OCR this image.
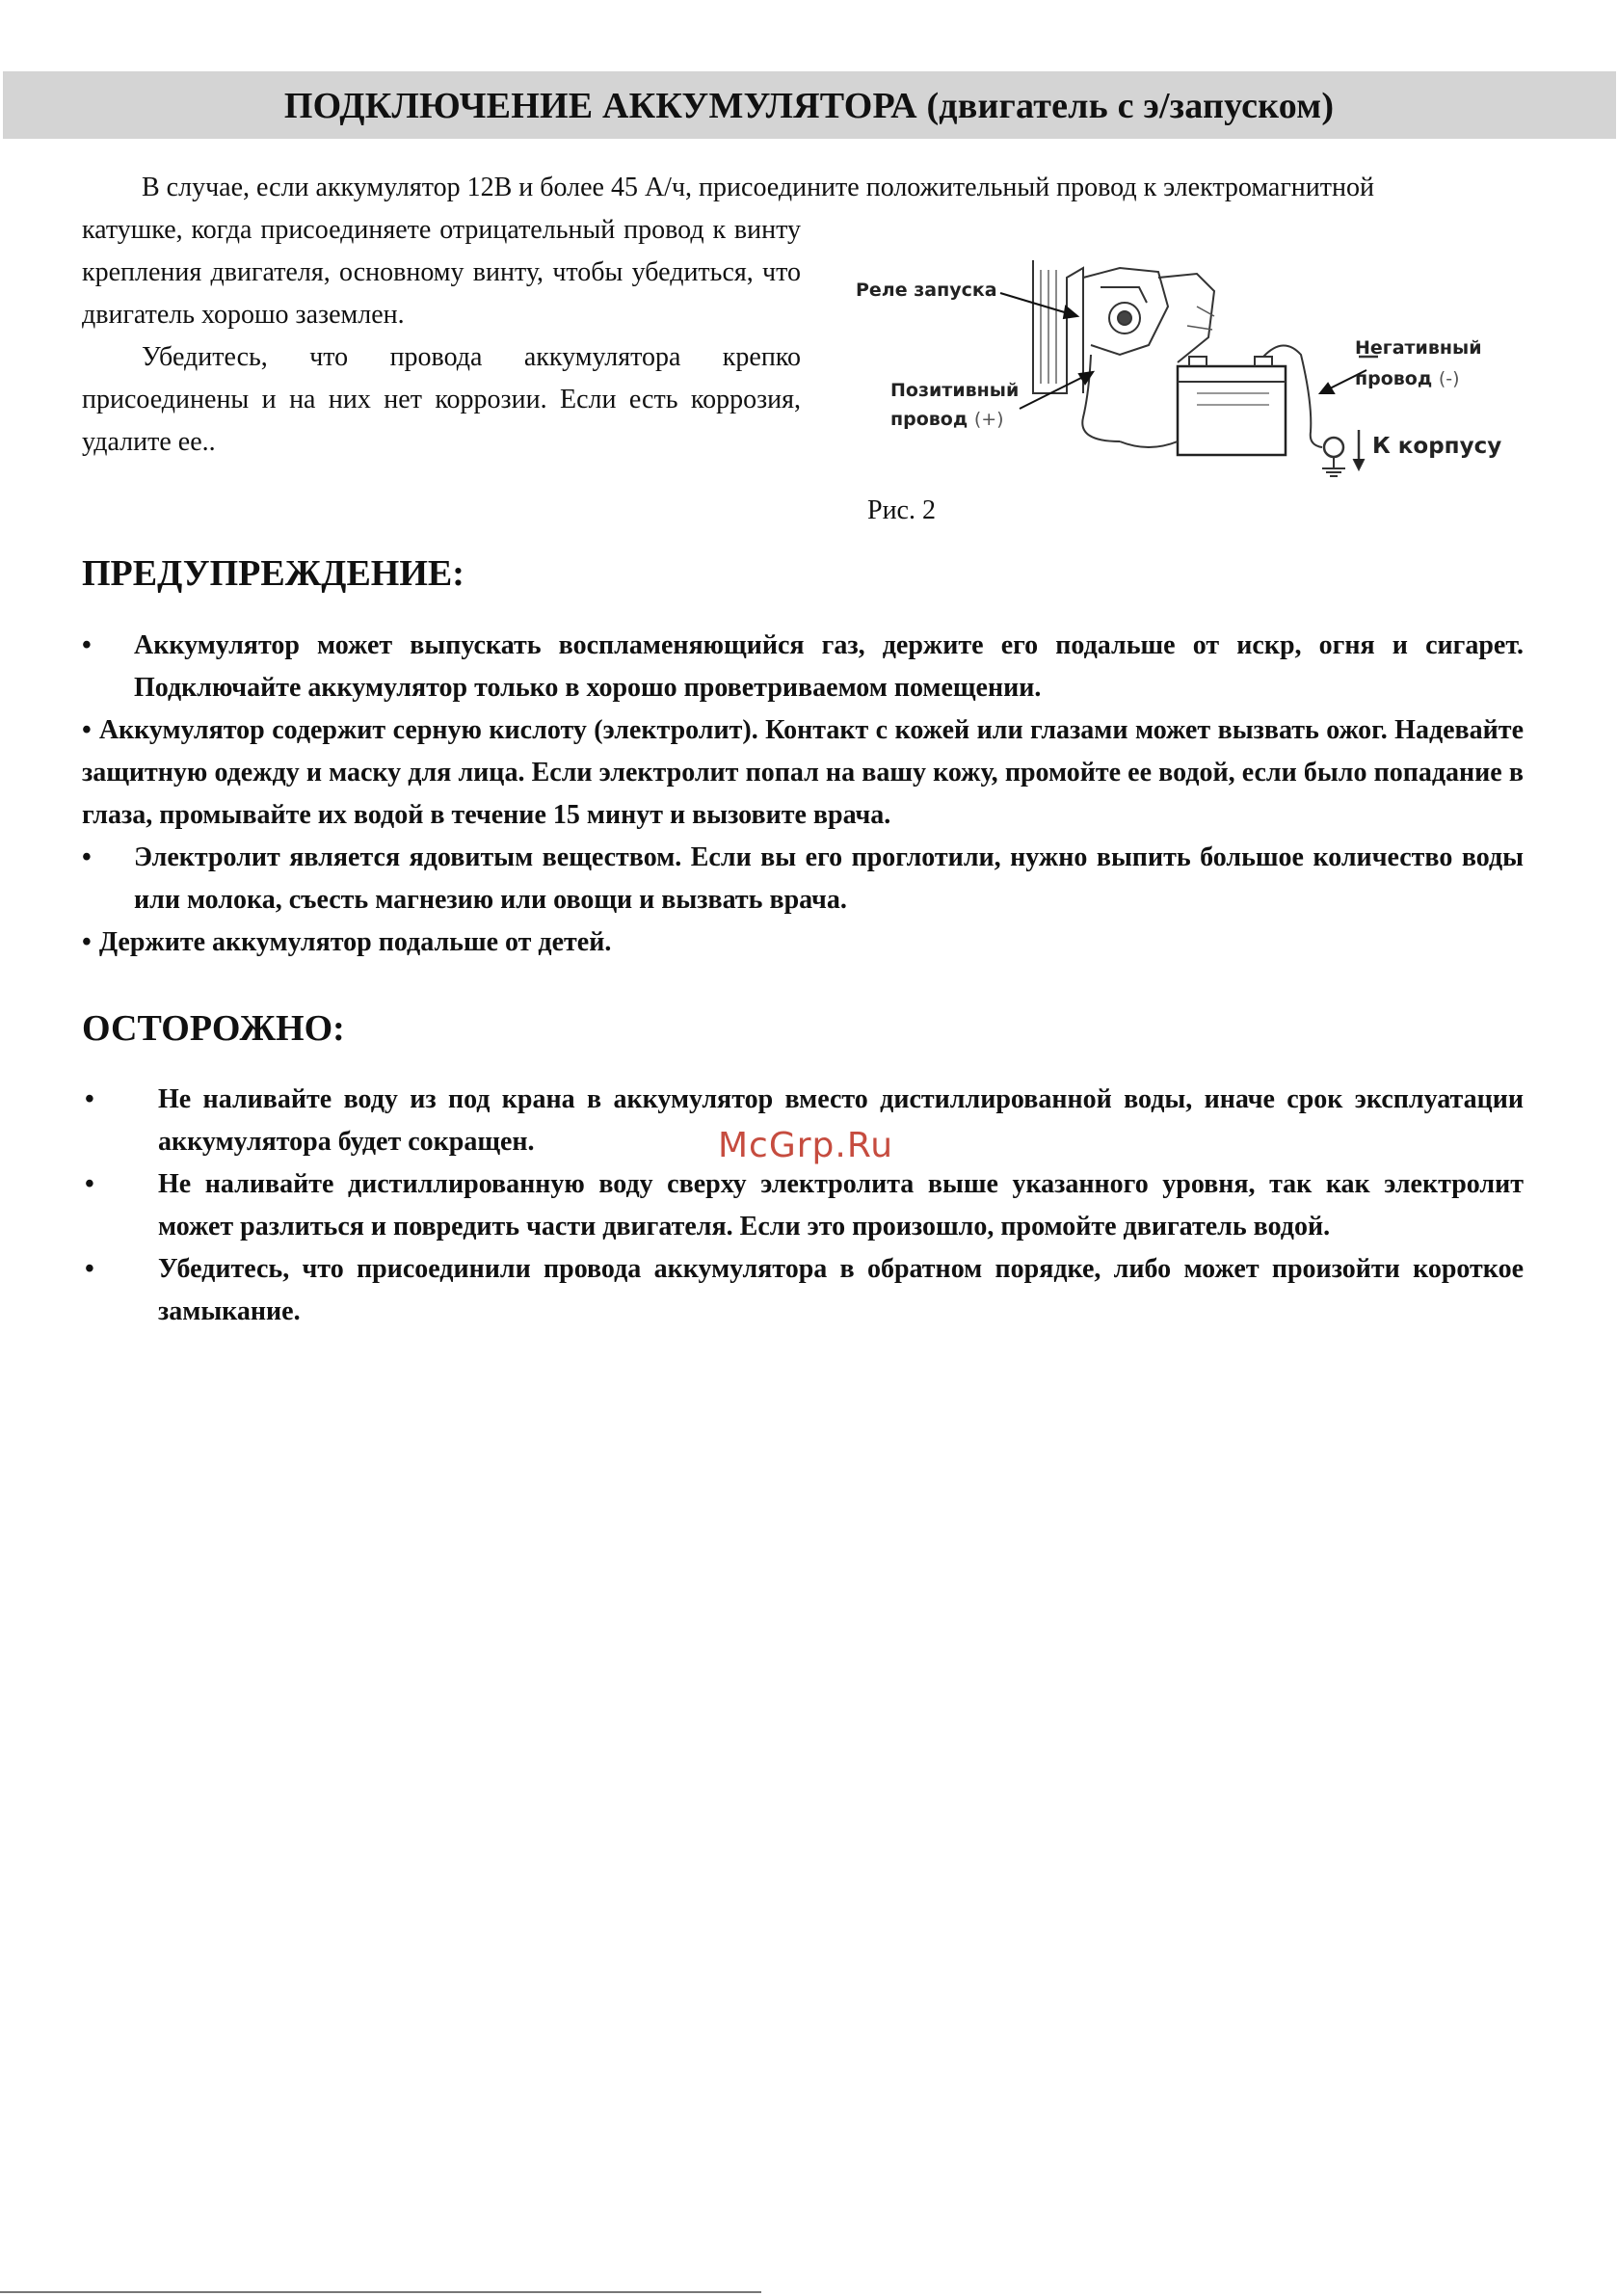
ПОДКЛЮЧЕНИЕ АККУМУЛЯТОРА (двигатель с э/запуском)
В случае, если аккумулятор 12В и более 45 А/ч, присоедините положительный провод к электромагнитной

катушке, когда присоединяете отрицательный провод к винту крепления двигателя, основному винту, чтобы убедиться, что двигатель хорошо заземлен.

Убедитесь, что провода аккумулятора крепко присоединены и на них нет коррозии. Если есть коррозия, удалите ее..

Реле запуска
Позитивный
провод (+)
Негативный
провод (-)
К корпусу
Рис. 2
ПРЕДУПРЕЖДЕНИЕ:
• Аккумулятор может выпускать воспламеняющийся газ, держите его подальше от искр, огня и сигарет. Подключайте аккумулятор только в хорошо проветриваемом помещении.
• Аккумулятор содержит серную кислоту (электролит). Контакт с кожей или глазами может вызвать ожог. Надевайте защитную одежду и маску для лица. Если электролит попал на вашу кожу, промойте ее водой, если было попадание в глаза, промывайте их водой в течение 15 минут и вызовите врача.
• Электролит является ядовитым веществом. Если вы его проглотили, нужно выпить большое количество воды или молока, съесть магнезию или овощи и вызвать врача.
• Держите аккумулятор подальше от детей.
ОСТОРОЖНО:
• Не наливайте воду из под крана в аккумулятор вместо дистиллированной воды, иначе срок эксплуатации аккумулятора будет сокращен.
• Не наливайте дистиллированную воду сверху электролита выше указанного уровня, так как электролит может разлиться и повредить части двигателя. Если это произошло, промойте двигатель водой.
• Убедитесь, что присоединили провода аккумулятора в обратном порядке, либо может произойти короткое замыкание.
McGrp.Ru
